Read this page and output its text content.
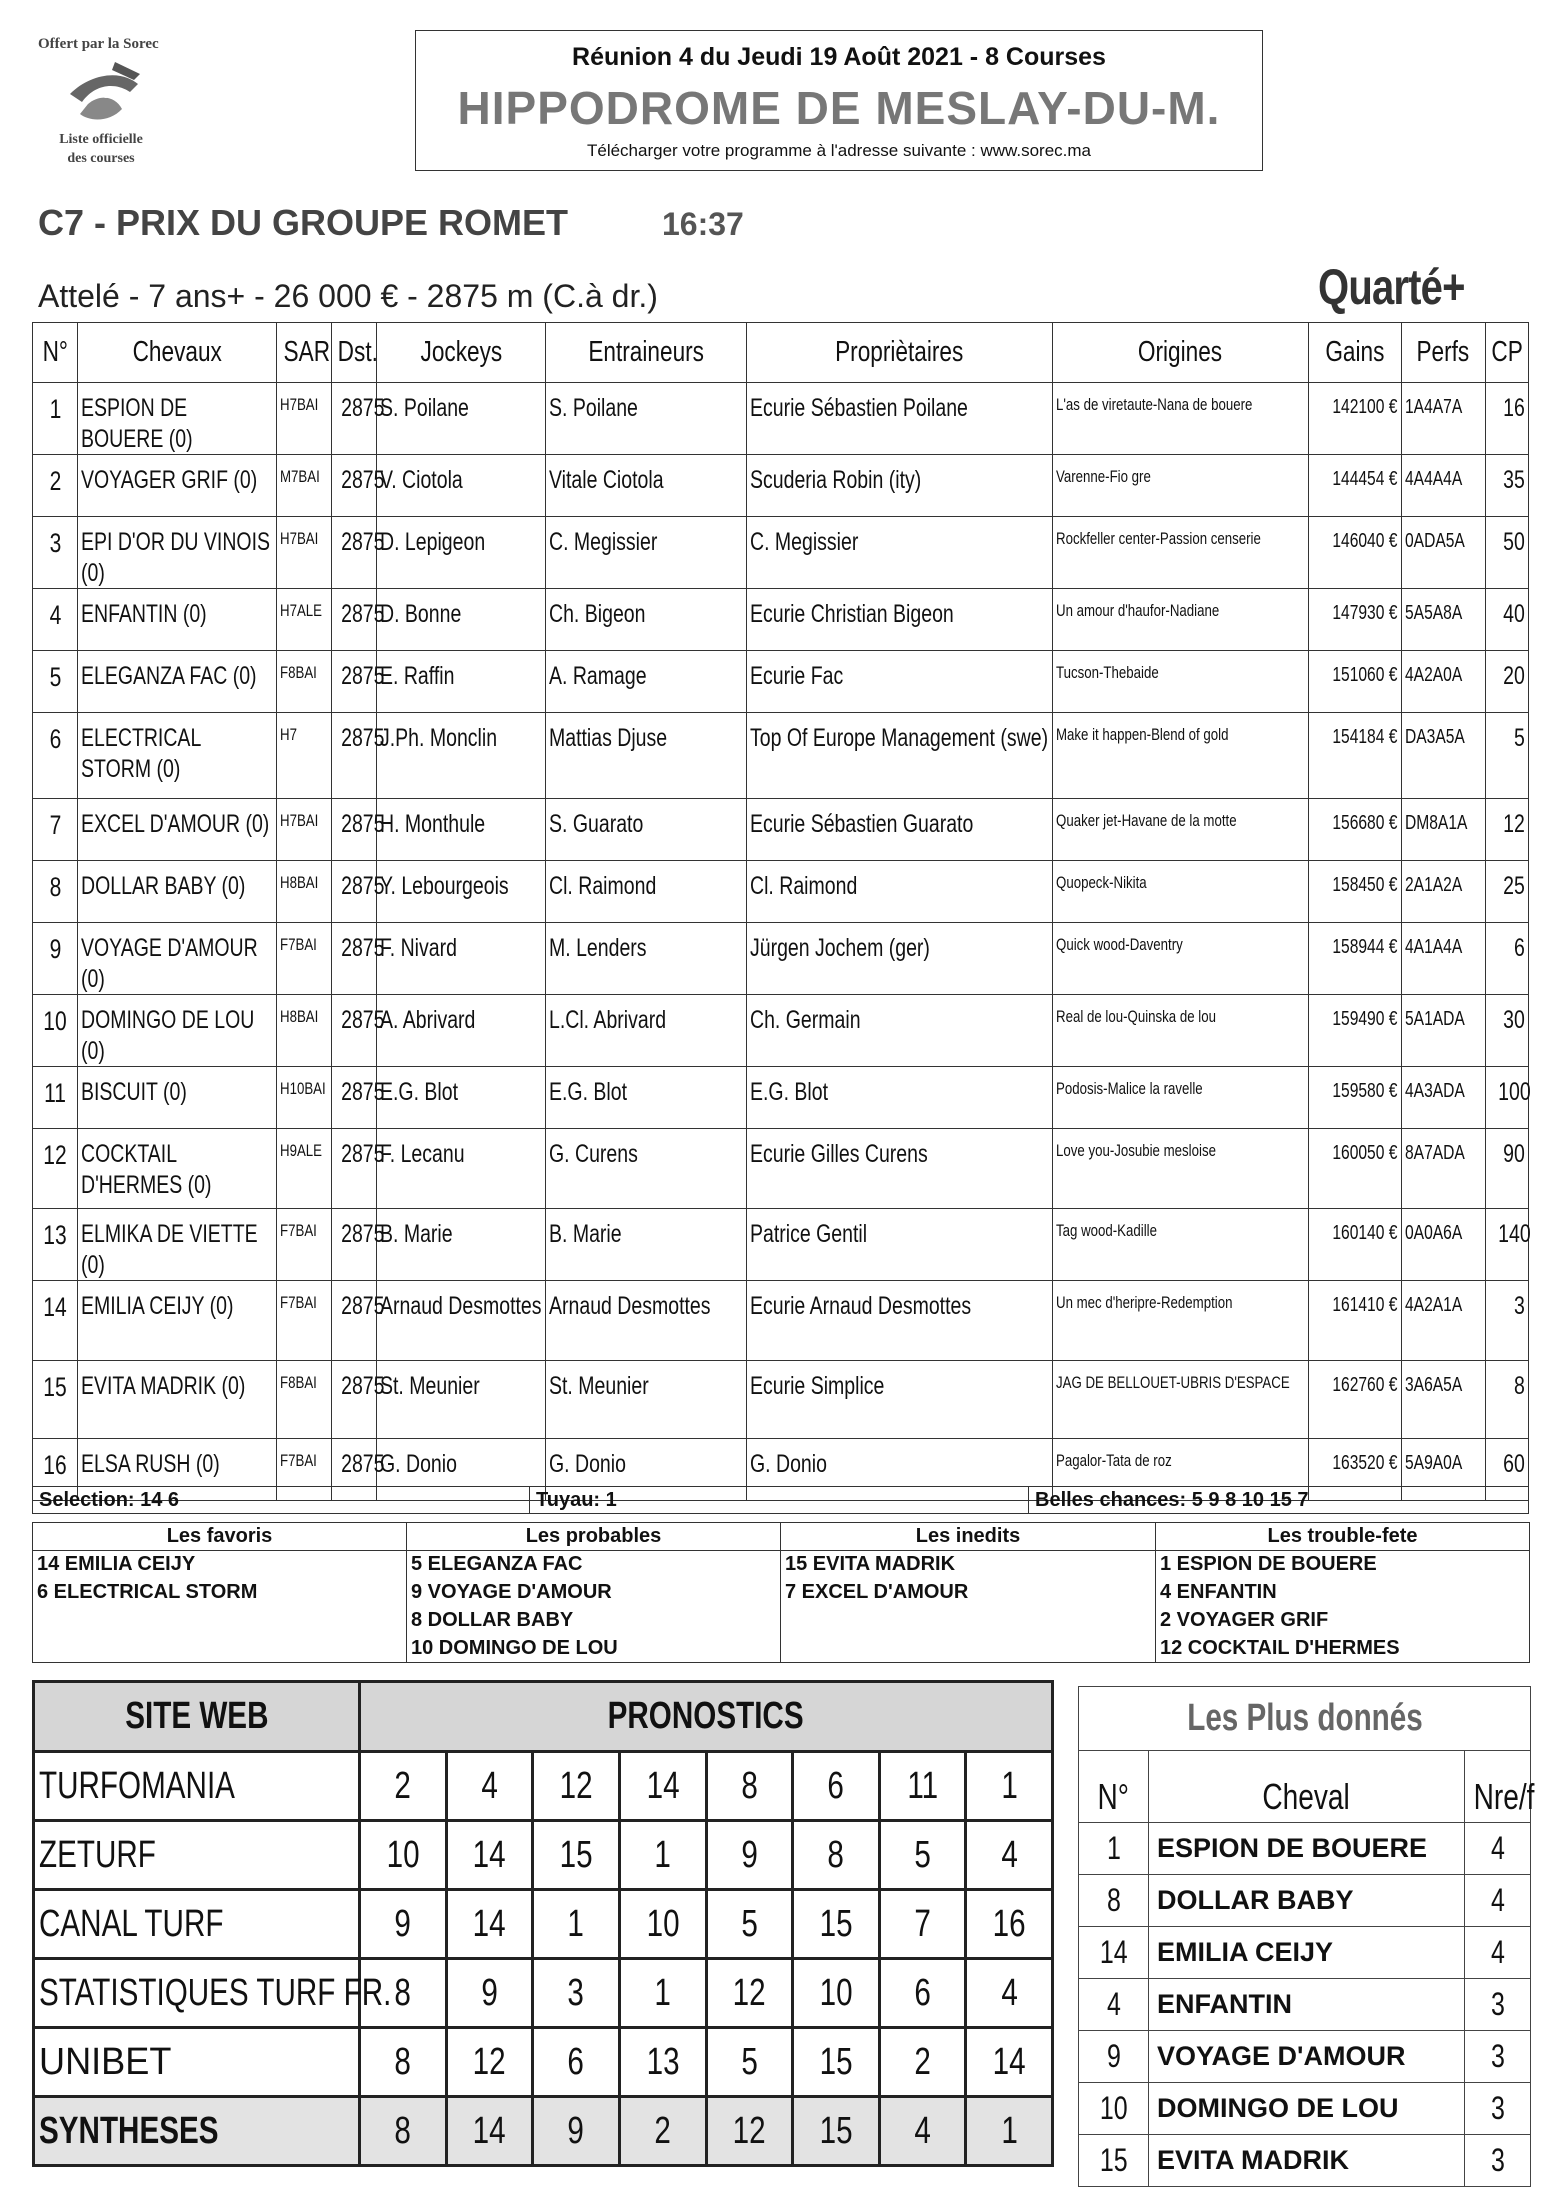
Offert par la Sorec
Liste officielle
des courses
Réunion 4 du Jeudi 19 Août 2021 - 8 Courses
HIPPODROME DE MESLAY-DU-M.
Télécharger votre programme à l'adresse suivante : www.sorec.ma
C7 - PRIX DU GROUPE ROMET	16:37
Attelé - 7 ans+ - 26 000 € - 2875 m (C.à dr.)	Quarté+
N°	Chevaux	SAR	Dst.	Jockeys	Entraineurs	Propriètaires	Origines	Gains	Perfs	CP
1	ESPION DE BOUERE (0)	H7BAI	2875	S. Poilane	S. Poilane	Ecurie Sébastien Poilane	L'as de viretaute-Nana de bouere	142100 €	1A4A7A	16
2	VOYAGER GRIF (0)	M7BAI	2875	V. Ciotola	Vitale Ciotola	Scuderia Robin (ity)	Varenne-Fio gre	144454 €	4A4A4A	35
3	EPI D'OR DU VINOIS (0)	H7BAI	2875	D. Lepigeon	C. Megissier	C. Megissier	Rockfeller center-Passion censerie	146040 €	0ADA5A	50
4	ENFANTIN (0)	H7ALE	2875	D. Bonne	Ch. Bigeon	Ecurie Christian Bigeon	Un amour d'haufor-Nadiane	147930 €	5A5A8A	40
5	ELEGANZA FAC (0)	F8BAI	2875	E. Raffin	A. Ramage	Ecurie Fac	Tucson-Thebaide	151060 €	4A2A0A	20
6	ELECTRICAL STORM (0)	H7	2875	J.Ph. Monclin	Mattias Djuse	Top Of Europe Management (swe)	Make it happen-Blend of gold	154184 €	DA3A5A	5
7	EXCEL D'AMOUR (0)	H7BAI	2875	H. Monthule	S. Guarato	Ecurie Sébastien Guarato	Quaker jet-Havane de la motte	156680 €	DM8A1A	12
8	DOLLAR BABY (0)	H8BAI	2875	Y. Lebourgeois	Cl. Raimond	Cl. Raimond	Quopeck-Nikita	158450 €	2A1A2A	25
9	VOYAGE D'AMOUR (0)	F7BAI	2875	F. Nivard	M. Lenders	Jürgen Jochem (ger)	Quick wood-Daventry	158944 €	4A1A4A	6
10	DOMINGO DE LOU (0)	H8BAI	2875	A. Abrivard	L.Cl. Abrivard	Ch. Germain	Real de lou-Quinska de lou	159490 €	5A1ADA	30
11	BISCUIT (0)	H10BAI	2875	E.G. Blot	E.G. Blot	E.G. Blot	Podosis-Malice la ravelle	159580 €	4A3ADA	100
12	COCKTAIL D'HERMES (0)	H9ALE	2875	F. Lecanu	G. Curens	Ecurie Gilles Curens	Love you-Josubie mesloise	160050 €	8A7ADA	90
13	ELMIKA DE VIETTE (0)	F7BAI	2875	B. Marie	B. Marie	Patrice Gentil	Tag wood-Kadille	160140 €	0A0A6A	140
14	EMILIA CEIJY (0)	F7BAI	2875	Arnaud Desmottes	Arnaud Desmottes	Ecurie Arnaud Desmottes	Un mec d'heripre-Redemption	161410 €	4A2A1A	3
15	EVITA MADRIK (0)	F8BAI	2875	St. Meunier	St. Meunier	Ecurie Simplice	JAG DE BELLOUET-UBRIS D'ESPACE	162760 €	3A6A5A	8
16	ELSA RUSH (0)	F7BAI	2875	G. Donio	G. Donio	G. Donio	Pagalor-Tata de roz	163520 €	5A9A0A	60
Selection: 14 6	Tuyau: 1	Belles chances: 5 9 8 10 15 7
Les favoris	Les probables	Les inedits	Les trouble-fete
14 EMILIA CEIJY	5 ELEGANZA FAC	15 EVITA MADRIK	1 ESPION DE BOUERE
6 ELECTRICAL STORM	9 VOYAGE D'AMOUR	7 EXCEL D'AMOUR	4 ENFANTIN
	8 DOLLAR BABY		2 VOYAGER GRIF
	10 DOMINGO DE LOU		12 COCKTAIL D'HERMES
SITE WEB	PRONOSTICS							
TURFOMANIA	2	4	12	14	8	6	11	1
ZETURF	10	14	15	1	9	8	5	4
CANAL TURF	9	14	1	10	5	15	7	16
STATISTIQUES TURF FR.	8	9	3	1	12	10	6	4
UNIBET	8	12	6	13	5	15	2	14
SYNTHESES	8	14	9	2	12	15	4	1
Les Plus donnés		
N°	Cheval	Nre/f
1	ESPION DE BOUERE	4
8	DOLLAR BABY	4
14	EMILIA CEIJY	4
4	ENFANTIN	3
9	VOYAGE D'AMOUR	3
10	DOMINGO DE LOU	3
15	EVITA MADRIK	3
